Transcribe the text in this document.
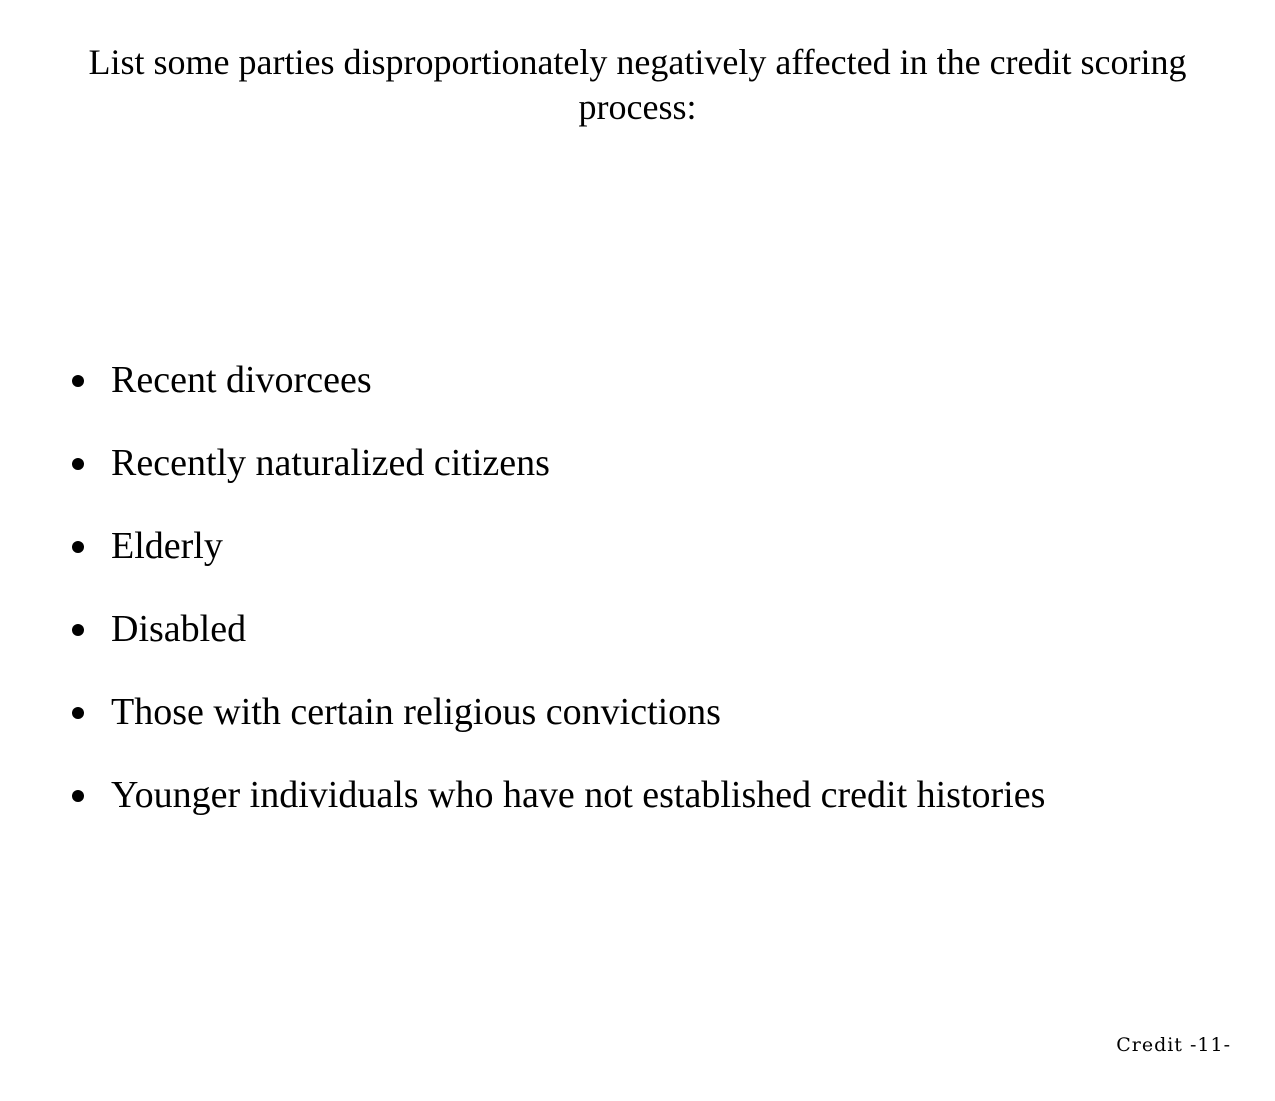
List some parties disproportionately negatively affected in the credit scoring process:
Recent divorcees
Recently naturalized citizens
Elderly
Disabled
Those with certain religious convictions
Younger individuals who have not established credit histories
Credit -11-
